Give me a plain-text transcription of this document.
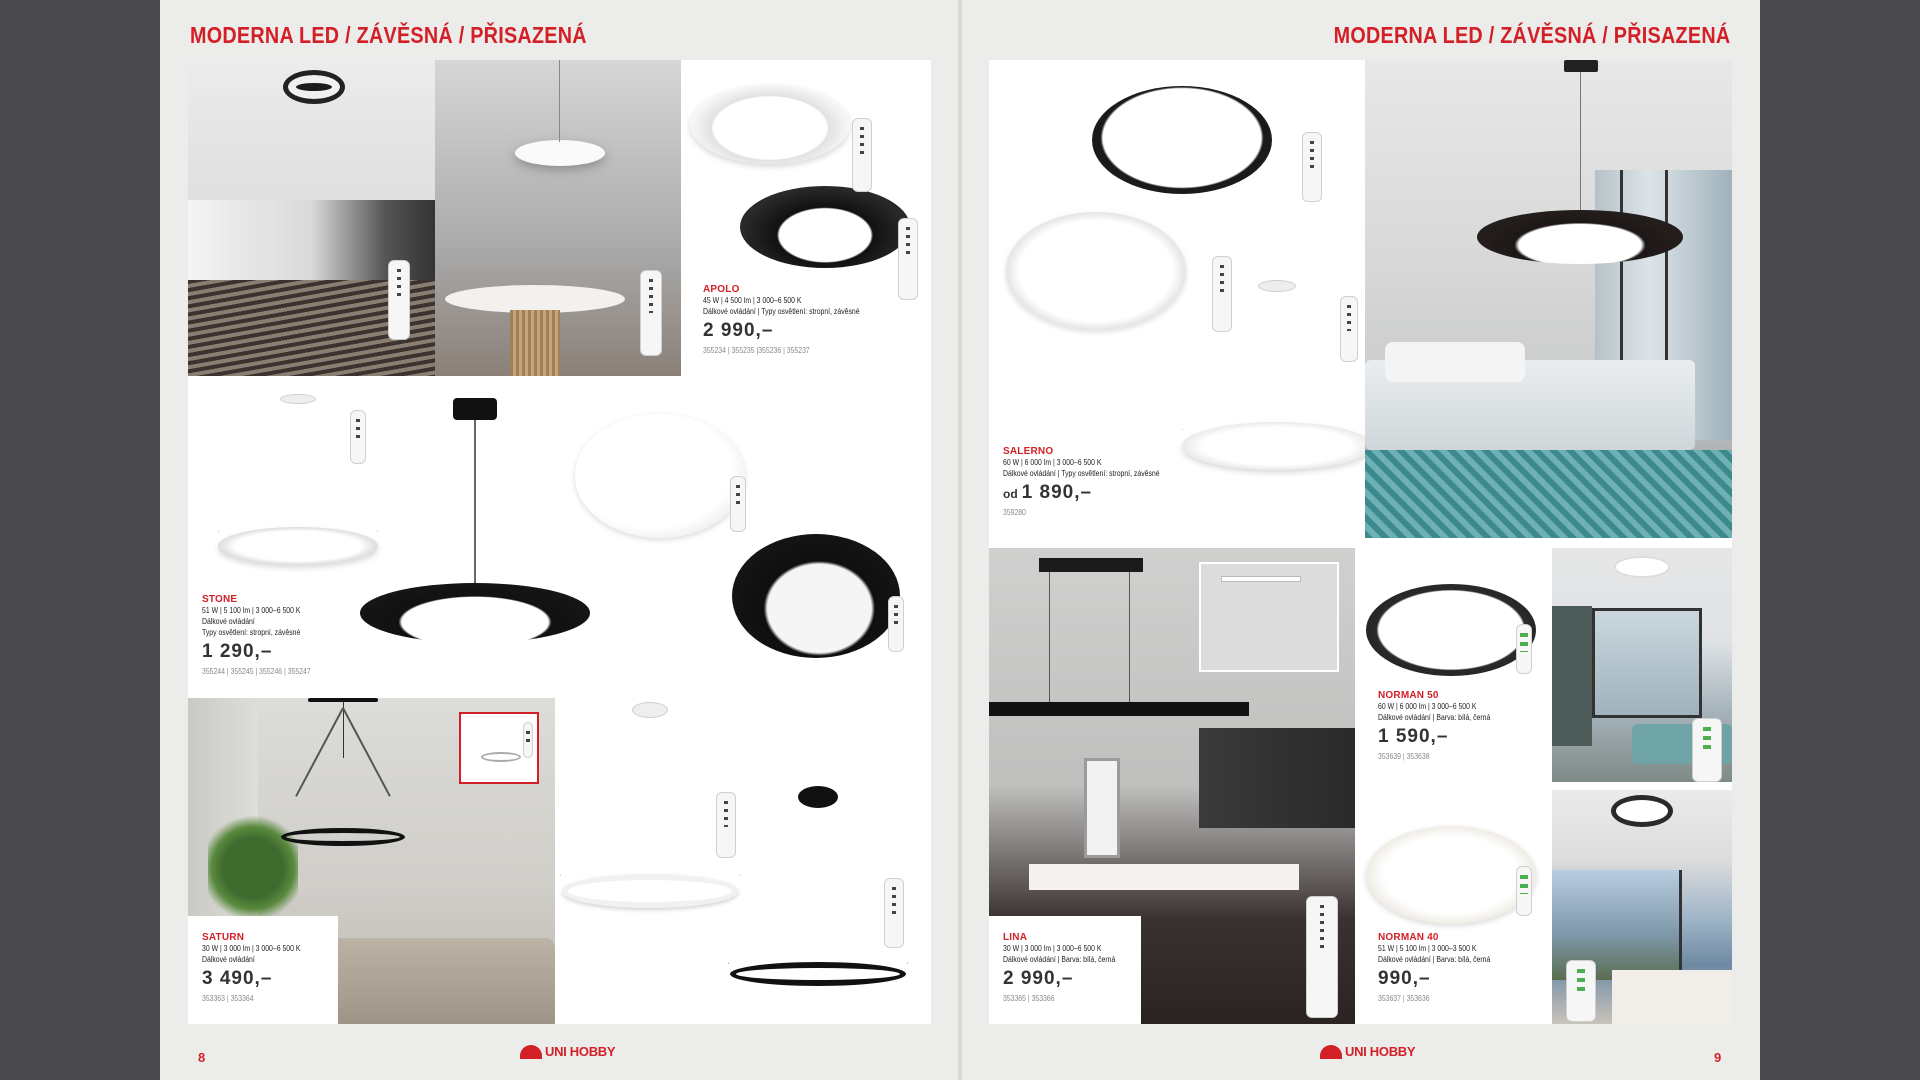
MODERNA LED / ZÁVĚSNÁ / PŘISAZENÁ	MODERNA LED / ZÁVĚSNÁ / PŘISAZENÁ
APOLO
45 W | 4 500 lm | 3 000–6 500 K
Dálkové ovládání | Typy osvětlení: stropní, závěsné
2 990,–
355234 | 355235 |355236 | 355237
STONE
51 W | 5 100 lm | 3 000–6 500 K
Dálkové ovládání
Typy osvětlení: stropní, závěsné
1 290,–
355244 | 355245 | 355246 | 355247
SATURN
30 W | 3 000 lm | 3 000–6 500 K
Dálkové ovládání
3 490,–
353363 | 353364
SALERNO
60 W | 6 000 lm | 3 000–6 500 K
Dálkové ovládání | Typy osvětlení: stropní, závěsné
od 1 890,–
359280
LINA
30 W | 3 000 lm | 3 000–6 500 K
Dálkové ovládání | Barva: bílá, černá
2 990,–
353365 | 353366
NORMAN 50
60 W | 6 000 lm | 3 000–6 500 K
Dálkové ovládání | Barva: bílá, černá
1 590,–
353639 | 353638
NORMAN 40
51 W | 5 100 lm | 3 000–3 500 K
Dálkové ovládání | Barva: bílá, černá
990,–
353637 | 353636
8	9
UNI HOBBY	UNI HOBBY
